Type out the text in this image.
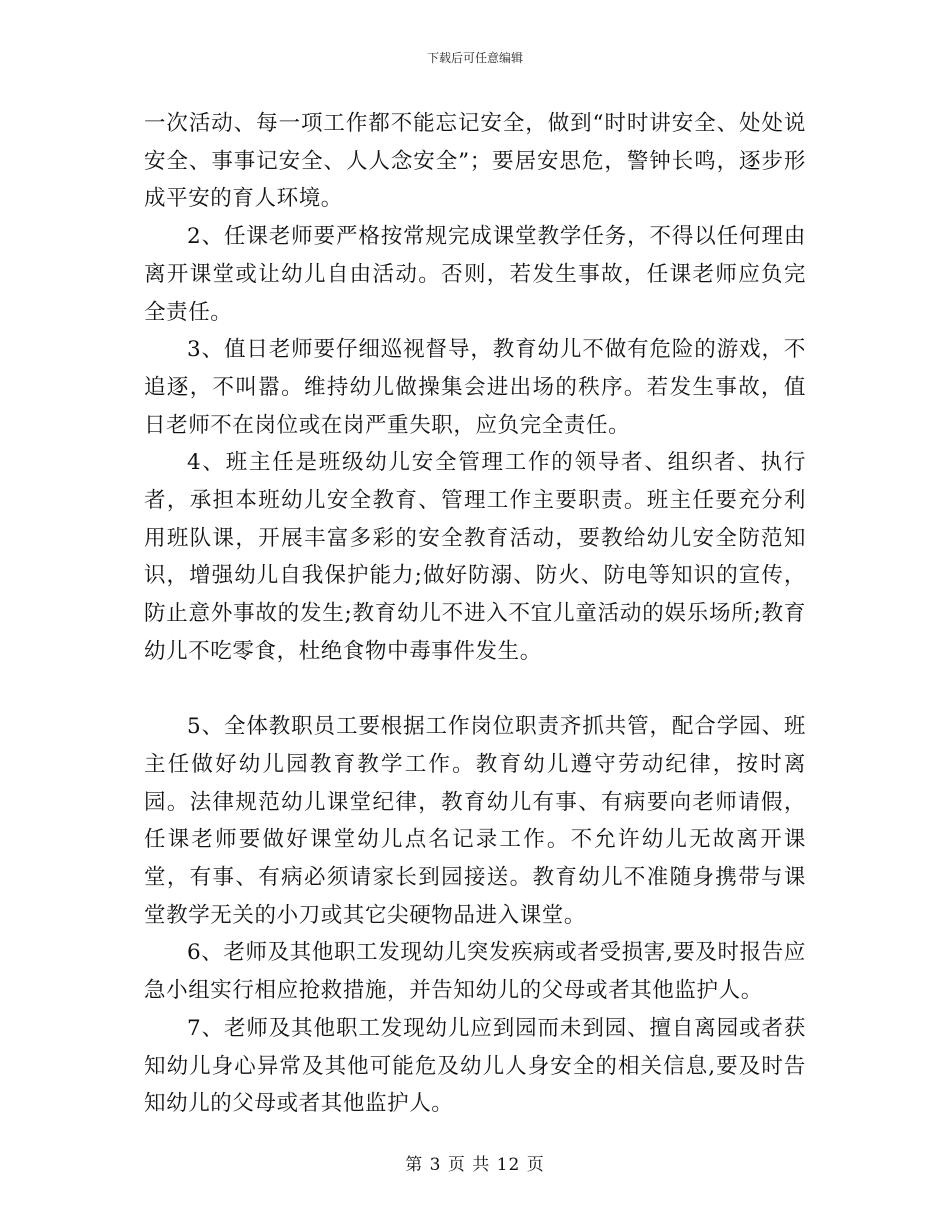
下载后可任意编辑

一次活动、每一项工作都不能忘记安全，做到“时时讲安全、处处说安全、事事记安全、人人念安全”；要居安思危，警钟长鸣，逐步形成平安的育人环境。

2、任课老师要严格按常规完成课堂教学任务，不得以任何理由离开课堂或让幼儿自由活动。否则，若发生事故，任课老师应负完全责任。

3、值日老师要仔细巡视督导，教育幼儿不做有危险的游戏，不追逐，不叫嚣。维持幼儿做操集会进出场的秩序。若发生事故，值日老师不在岗位或在岗严重失职，应负完全责任。

4、班主任是班级幼儿安全管理工作的领导者、组织者、执行者，承担本班幼儿安全教育、管理工作主要职责。班主任要充分利用班队课，开展丰富多彩的安全教育活动，要教给幼儿安全防范知识，增强幼儿自我保护能力;做好防溺、防火、防电等知识的宣传，防止意外事故的发生;教育幼儿不进入不宜儿童活动的娱乐场所;教育幼儿不吃零食，杜绝食物中毒事件发生。

5、全体教职员工要根据工作岗位职责齐抓共管，配合学园、班主任做好幼儿园教育教学工作。教育幼儿遵守劳动纪律，按时离园。法律规范幼儿课堂纪律，教育幼儿有事、有病要向老师请假，任课老师要做好课堂幼儿点名记录工作。不允许幼儿无故离开课堂，有事、有病必须请家长到园接送。教育幼儿不准随身携带与课堂教学无关的小刀或其它尖硬物品进入课堂。

6、老师及其他职工发现幼儿突发疾病或者受损害,要及时报告应急小组实行相应抢救措施，并告知幼儿的父母或者其他监护人。

7、老师及其他职工发现幼儿应到园而未到园、擅自离园或者获知幼儿身心异常及其他可能危及幼儿人身安全的相关信息,要及时告知幼儿的父母或者其他监护人。

第 3 页 共 12 页
